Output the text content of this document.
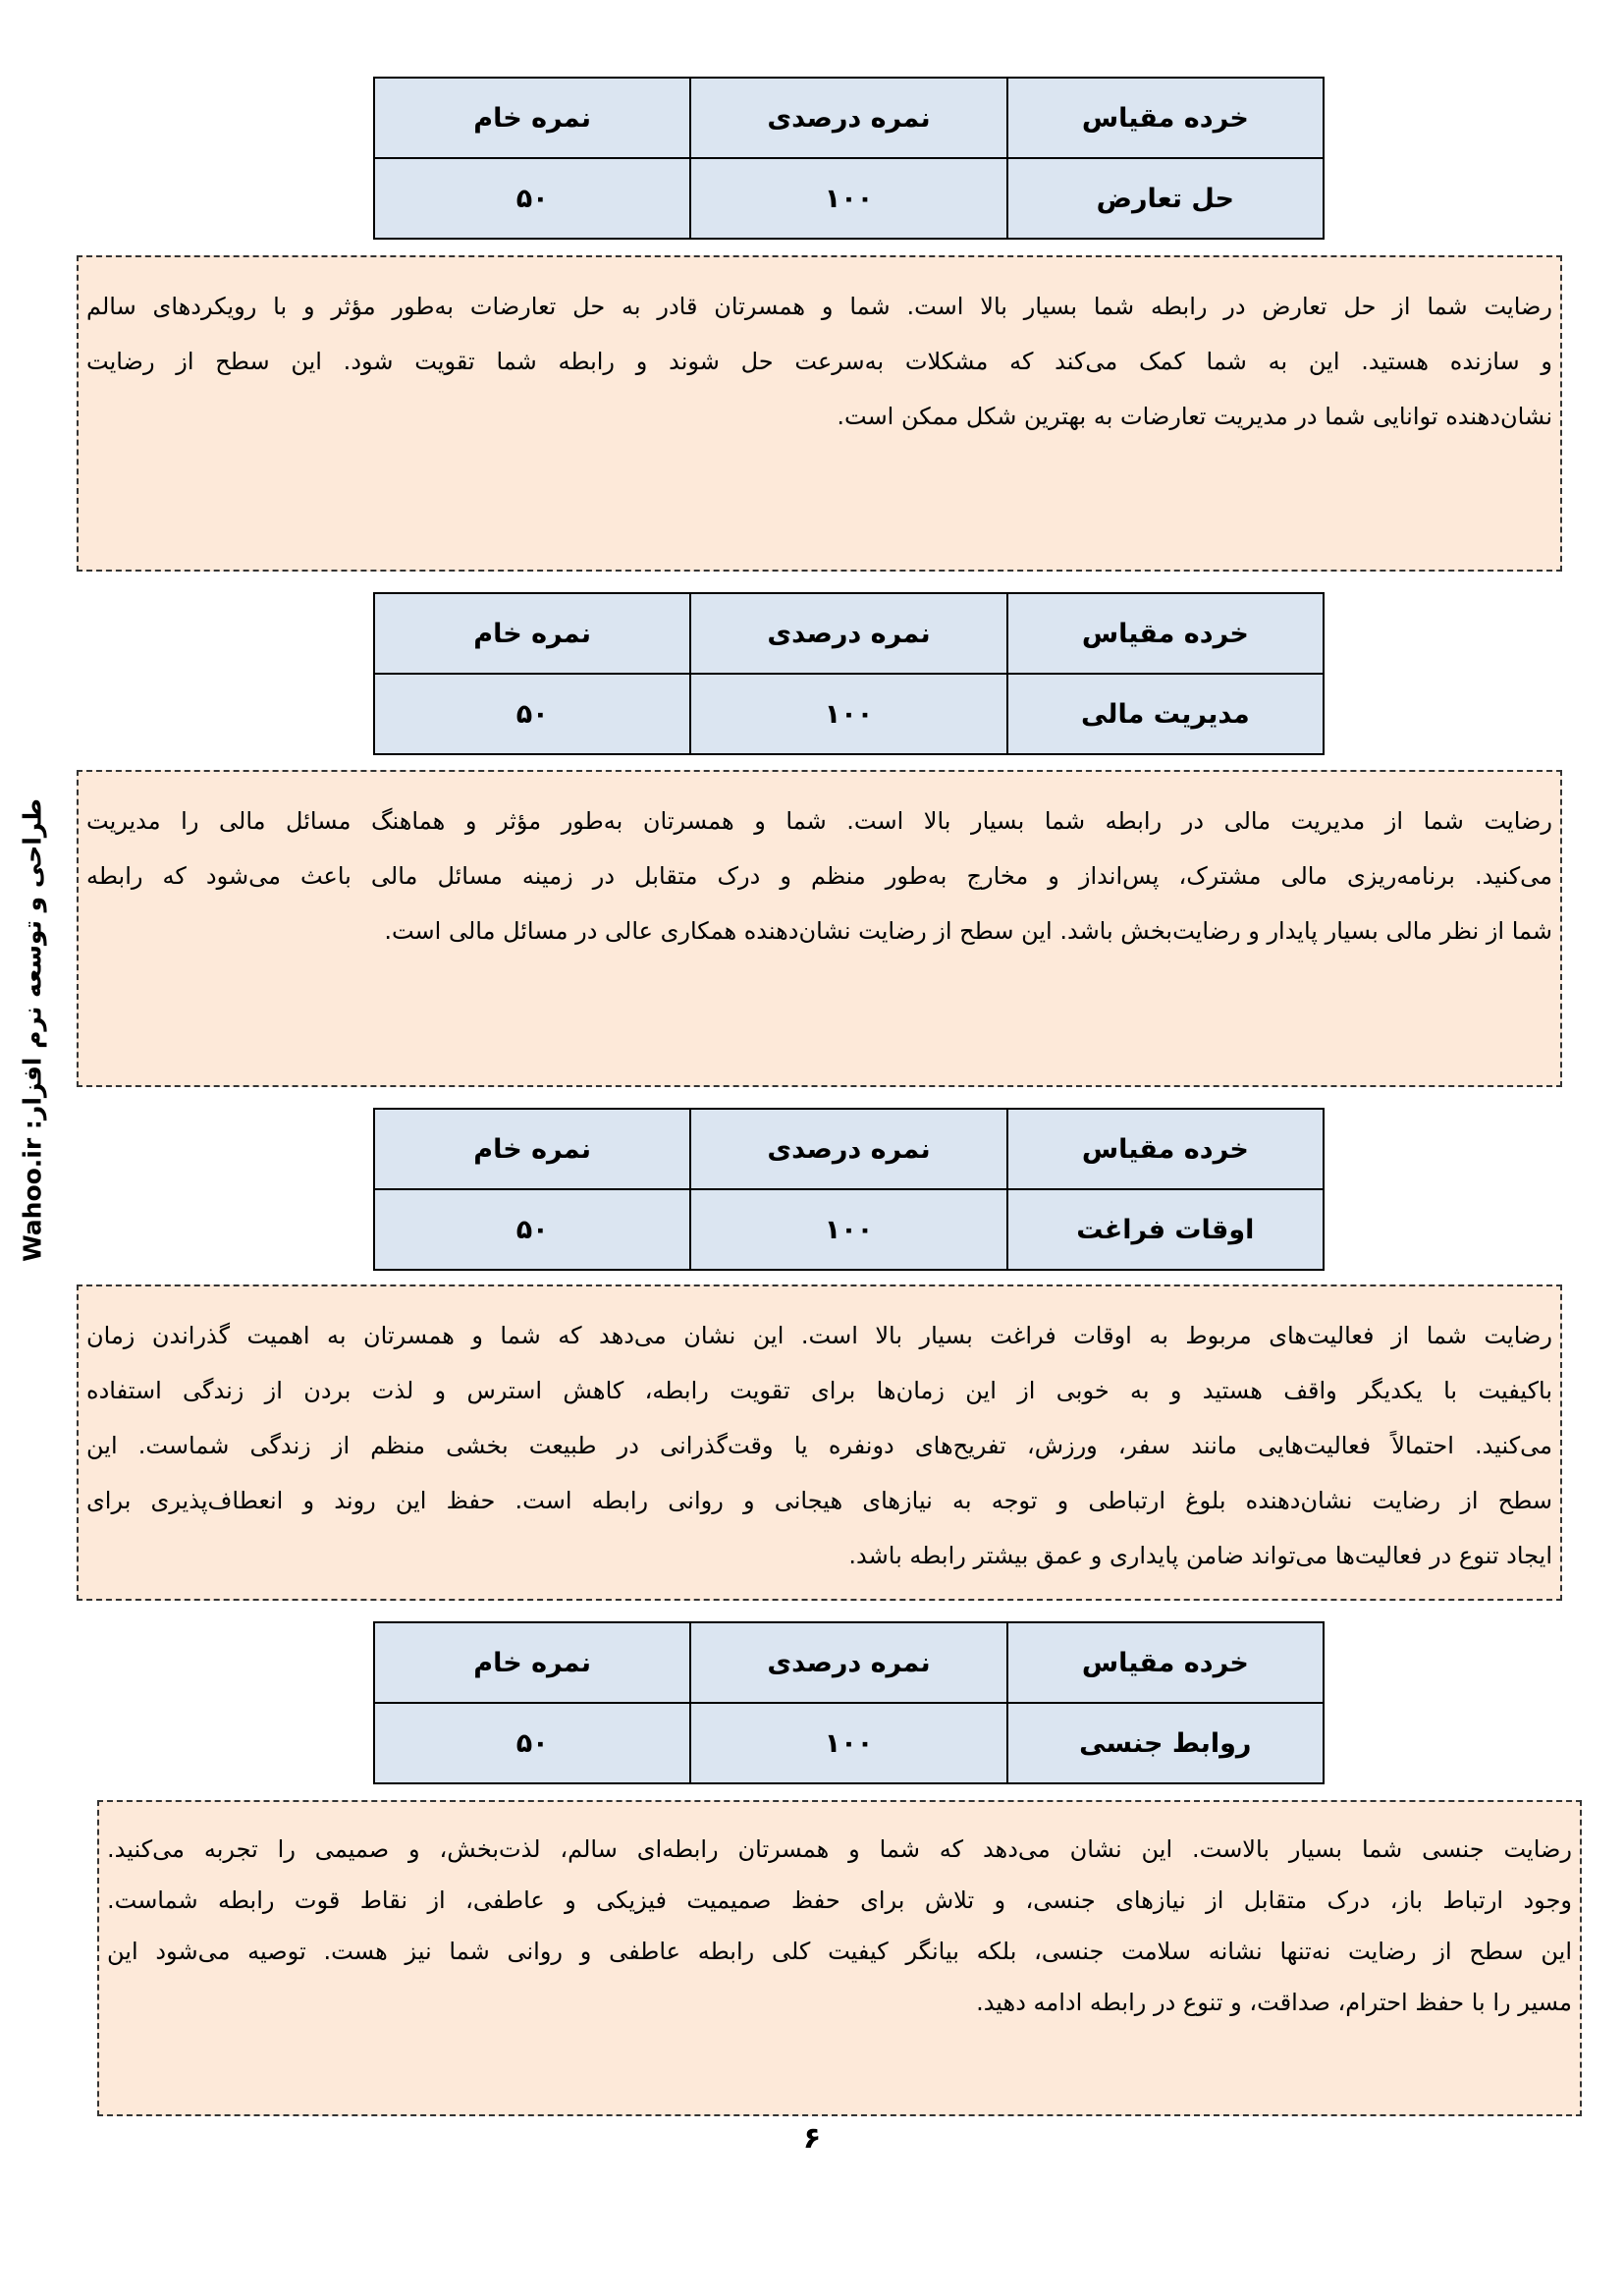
طراحی و توسعه نرم افزار: Wahoo.ir
خرده مقیاس	نمره درصدی	نمره خام
حل تعارض	۱۰۰	۵۰
رضایت شما از حل تعارض در رابطه شما بسیار بالا است. شما و همسرتان قادر به حل تعارضات به‌طور مؤثر و با رویکردهای سالم
و سازنده هستید. این به شما کمک می‌کند که مشکلات به‌سرعت حل شوند و رابطه شما تقویت شود. این سطح از رضایت
نشان‌دهنده توانایی شما در مدیریت تعارضات به بهترین شکل ممکن است.
خرده مقیاس	نمره درصدی	نمره خام
مدیریت مالی	۱۰۰	۵۰
رضایت شما از مدیریت مالی در رابطه شما بسیار بالا است. شما و همسرتان به‌طور مؤثر و هماهنگ مسائل مالی را مدیریت
می‌کنید. برنامه‌ریزی مالی مشترک، پس‌انداز و مخارج به‌طور منظم و درک متقابل در زمینه مسائل مالی باعث می‌شود که رابطه
شما از نظر مالی بسیار پایدار و رضایت‌بخش باشد. این سطح از رضایت نشان‌دهنده همکاری عالی در مسائل مالی است.
خرده مقیاس	نمره درصدی	نمره خام
اوقات فراغت	۱۰۰	۵۰
رضایت شما از فعالیت‌های مربوط به اوقات فراغت بسیار بالا است. این نشان می‌دهد که شما و همسرتان به اهمیت گذراندن زمان
باکیفیت با یکدیگر واقف هستید و به خوبی از این زمان‌ها برای تقویت رابطه، کاهش استرس و لذت بردن از زندگی استفاده
می‌کنید. احتمالاً فعالیت‌هایی مانند سفر، ورزش، تفریح‌های دونفره یا وقت‌گذرانی در طبیعت بخشی منظم از زندگی شماست. این
سطح از رضایت نشان‌دهنده بلوغ ارتباطی و توجه به نیازهای هیجانی و روانی رابطه است. حفظ این روند و انعطاف‌پذیری برای
ایجاد تنوع در فعالیت‌ها می‌تواند ضامن پایداری و عمق بیشتر رابطه باشد.
خرده مقیاس	نمره درصدی	نمره خام
روابط جنسی	۱۰۰	۵۰
رضایت جنسی شما بسیار بالاست. این نشان می‌دهد که شما و همسرتان رابطه‌ای سالم، لذت‌بخش، و صمیمی را تجربه می‌کنید.
وجود ارتباط باز، درک متقابل از نیازهای جنسی، و تلاش برای حفظ صمیمیت فیزیکی و عاطفی، از نقاط قوت رابطه شماست.
این سطح از رضایت نه‌تنها نشانه سلامت جنسی، بلکه بیانگر کیفیت کلی رابطه عاطفی و روانی شما نیز هست. توصیه می‌شود این
مسیر را با حفظ احترام، صداقت، و تنوع در رابطه ادامه دهید.
۶
